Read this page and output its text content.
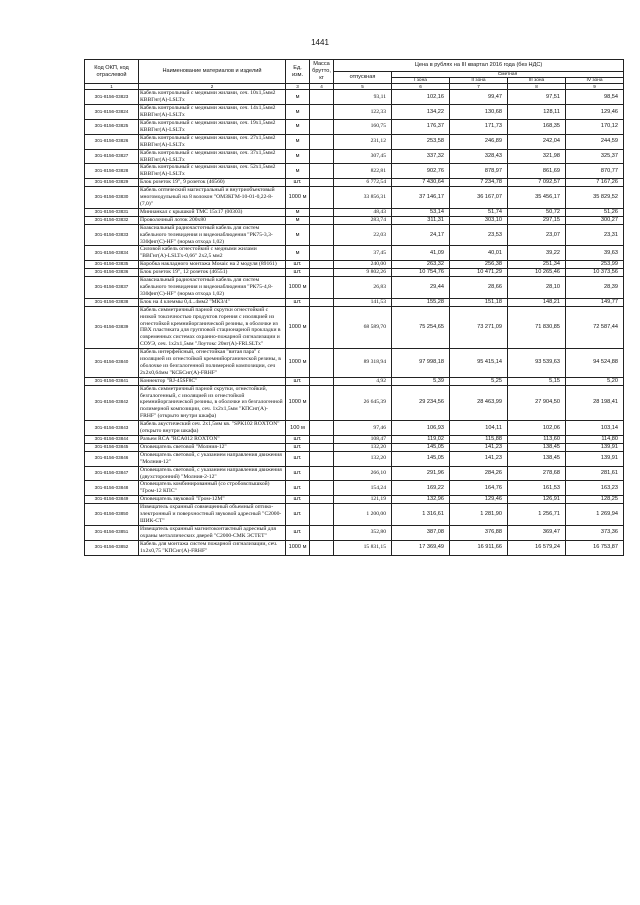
1441
Код ОКП, код отраслевой	Наименование материалов и изделий	Ед. изм.	Масса брутто, кг	Цена в рублях на III квартал 2016 года (без НДС)				
				отпускная	Сметная			
					I зона	II зона	III зона	IV зона
1	2	3	4	5	6	7	8	9
301-8156-03823	Кабель контрольный с медными жилами, сеч. 10х1,5мм2 КВВГнг(А)-LSLTx	м		93,11	102,16	99,47	97,51	98,54
301-8156-03824	Кабель контрольный с медными жилами, сеч. 14х1,5мм2 КВВГнг(А)-LSLTx	м		122,33	134,22	130,68	128,11	129,46
301-8156-03825	Кабель контрольный с медными жилами, сеч. 19х1,5мм2 КВВГнг(А)-LSLTx	м		160,75	176,37	171,73	168,35	170,12
301-8156-03826	Кабель контрольный с медными жилами, сеч. 27х1,5мм2 КВВГнг(А)-LSLTx	м		231,12	253,58	246,89	242,04	244,59
301-8156-03827	Кабель контрольный с медными жилами, сеч. 37х1,5мм2 КВВГнг(А)-LSLTx	м		307,45	337,32	328,43	321,98	325,37
301-8156-03828	Кабель контрольный с медными жилами, сеч. 52х1,5мм2 КВВГнг(А)-LSLTx	м		822,81	902,76	878,97	861,69	870,77
301-8156-03829	Блок розеток 19", 9 розеток (46560)	шт.		6 772,54	7 430,64	7 234,78	7 092,57	7 167,26
301-8156-03830	Кабель оптический магистральный и внутриобъектовый многомодульный на 8 волокон "ОМЗКГМ-10-01-0,22-8-(7,0)"	1000 м		33 856,31	37 146,17	36 167,07	35 456,17	35 829,52
301-8156-03831	Минианкал с крышкой ТМС 15х17 (00303)	м		48,43	53,14	51,74	50,72	51,26
301-8156-03832	Проволочный лоток 200х80	м		283,74	311,31	303,10	297,15	300,27
301-8156-03833	Коаксиальный радиочастотный кабель для систем кабельного телевидения и видеонаблюдения "РК75-3,3-330фнг(С)-HF" (норма отхода 1,02)	м		22,03	24,17	23,53	23,07	23,31
301-8156-03834	Силовой кабель огнестойкий с медными жилами "ВВГнг(А)-LSLTx-0,66" 2х2,5 мм2	м		37,45	41,09	40,01	39,22	39,63
301-8156-03835	Коробка накладного монтажа Mosaic на 2 модуля (89161)	шт.		240,00	263,32	256,38	251,34	253,99
301-8156-03836	Блок розеток 19", 12 розеток (46551)	шт.		9 802,26	10 754,76	10 471,29	10 265,46	10 373,56
301-8156-03837	Коаксиальный радиочастотный кабель для систем кабельного телевидения и видеонаблюдения "РК75-4,8-330фнг(С)-HF" (норма отхода 1,02)	1000 м		26,83	29,44	28,66	28,10	28,39
301-8156-03838	Блок на 4 клеммы 0,4...4мм2 "МКЗ/4"	шт.		141,53	155,28	151,18	148,21	149,77
301-8156-03839	Кабель симметричный парной скрутки огнестойкий с низкой токсичностью продуктов горения с изоляцией из огнестойкой кремнийорганической резины, в оболочке из ПВХ пластиката для групповой стационарной прокладки в современных системах охранно-пожарной сигнализации и СОУЭ, сеч. 1х2х1,5мм "Лоутокс 20нг(А)-FRLSLTx"	1000 м		68 589,70	75 254,65	73 271,09	71 830,85	72 587,44
301-8156-03840	Кабель интерфейсный, огнестойкая "витая пара" с изоляцией из огнестойкой кремнийорганической резины, в оболочке из безгалогенной полимерной композиции, сеч 2х2х0,64мм "КСБСнг(А)-FRHF"	1000 м		89 318,94	97 998,18	95 415,14	93 539,63	94 524,88
301-8156-03841	Коннектор "RJ-45SF8C"	шт.		4,92	5,39	5,25	5,15	5,20
301-8156-03842	Кабель симметричный парной скрутки, огнестойкий, безгалогенный, с изоляцией из огнестойкой кремнийорганической резины, в оболочке из безгалогенной полимерной композиции, сеч. 1х2х1,5мм "КПСнг(А)-FRHF" (открыто внутри шкафа)	1000 м		26 645,39	29 234,56	28 463,99	27 904,50	28 198,41
301-8156-03843	Кабель акустический сеч. 2х1,5мм кв. "SPK102 ROXTON" (открыто внутри шкафа)	100 м		97,46	106,93	104,11	102,06	103,14
301-8156-03844	Разъем RCA "RCA012 ROXTON"	шт.		108,47	119,02	115,88	113,60	114,80
301-8156-03845	Оповещатель световой "Молния-12"	шт.		132,20	145,05	141,23	138,45	139,91
301-8156-03846	Оповещатель световой, с указанием направления движения "Молния-12"	шт.		132,20	145,05	141,23	138,45	139,91
301-8156-03847	Оповещатель световой, с указанием направления движения (двухсторонний) "Молния-2-12"	шт.		266,10	291,96	284,26	278,68	281,61
301-8156-03848	Оповещатель комбинированный (со стробовспышкой) "Гром-12 КПС"	шт.		154,24	169,22	164,76	161,53	163,23
301-8156-03849	Оповещатель звуковой "Гром-12М"	шт.		121,19	132,96	129,46	126,91	128,25
301-8156-03850	Извещатель охранный совмещенный объемный оптико-электронный и поверхностный звуковой адресный "С2000-ШИК-СТ"	шт.		1 200,00	1 316,61	1 281,90	1 256,71	1 269,94
301-8156-03851	Извещатель охранный магнитоконтактный адресный для охраны металлических дверей "С2000-СМК ЭСТЕТ"	шт.		352,80	387,08	376,88	369,47	373,36
301-8156-03852	Кабель для монтажа систем пожарной сигнализации, сеч. 1х2х0,75 "КПСнг(А)-FRHF"	1000 м		15 831,15	17 369,49	16 911,66	16 579,24	16 753,87
